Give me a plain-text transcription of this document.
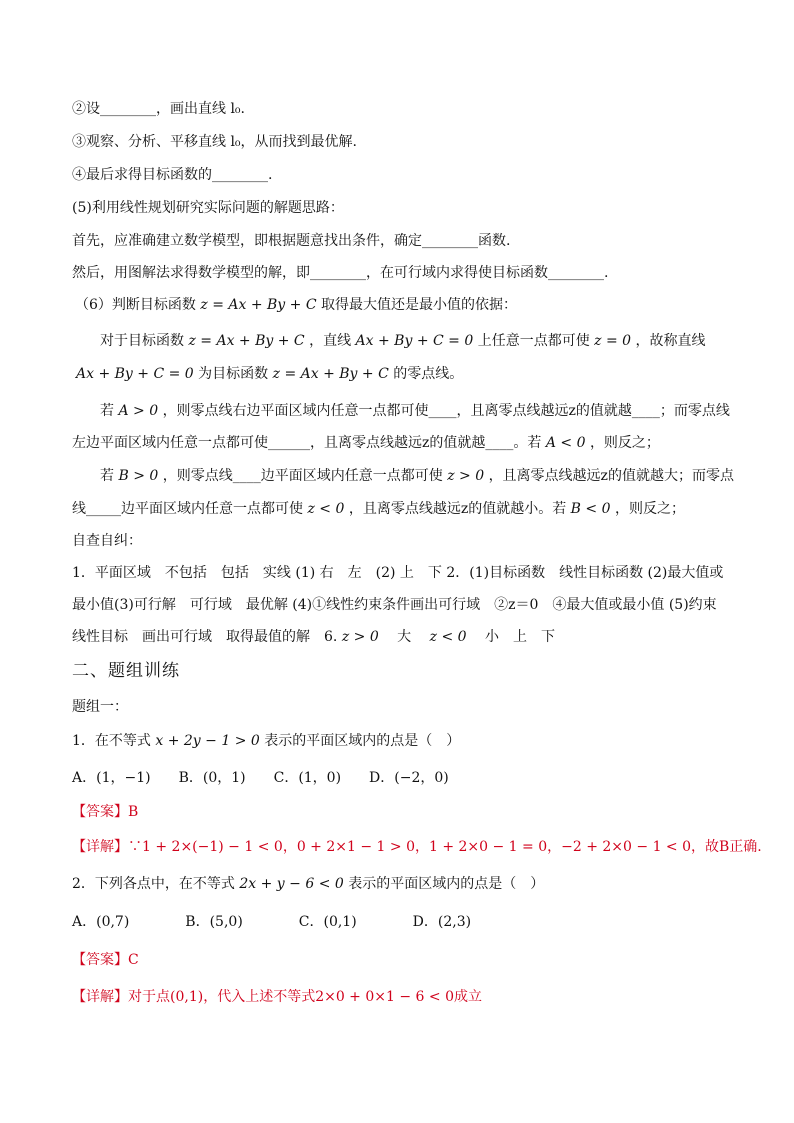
②设________，画出直线 l₀.
③观察、分析、平移直线 l₀，从而找到最优解.
④最后求得目标函数的________.
(5)利用线性规划研究实际问题的解题思路：
首先，应准确建立数学模型，即根据题意找出条件，确定________函数.
然后，用图解法求得数学模型的解，即________，在可行域内求得使目标函数________.
（6）判断目标函数 z = Ax + By + C 取得最大值还是最小值的依据：
对于目标函数 z = Ax + By + C ，直线 Ax + By + C = 0 上任意一点都可使 z = 0 ，故称直线
Ax + By + C = 0 为目标函数 z = Ax + By + C 的零点线。
若 A > 0 ，则零点线右边平面区域内任意一点都可使____，且离零点线越远z的值就越____；而零点线
左边平面区域内任意一点都可使______，且离零点线越远z的值就越____。若 A < 0 ，则反之；
若 B > 0 ，则零点线____边平面区域内任意一点都可使 z > 0 ，且离零点线越远z的值就越大；而零点
线_____边平面区域内任意一点都可使 z < 0 ，且离零点线越远z的值就越小。若 B < 0 ，则反之；
自查自纠：
1．平面区域　不包括　包括　实线 (1) 右　左　(2) 上　下 2．(1)目标函数　线性目标函数 (2)最大值或
最小值(3)可行解　可行域　最优解 (4)①线性约束条件画出可行域　②z＝0　④最大值或最小值 (5)约束
线性目标　画出可行域　取得最值的解　6. z > 0 　大　 z < 0 　小　上　下
二、题组训练
题组一：
1．在不等式 x + 2y − 1 > 0 表示的平面区域内的点是（　）
A．(1，−1)　　B．(0，1)　　C．(1，0)　　D．(−2，0)
【答案】B
【详解】∵1 + 2×(−1) − 1 < 0，0 + 2×1 − 1 > 0，1 + 2×0 − 1 = 0，−2 + 2×0 − 1 < 0，故B正确.
2．下列各点中，在不等式 2x + y − 6 < 0 表示的平面区域内的点是（　）
A．(0,7)　　　　B．(5,0)　　　　C．(0,1)　　　　D．(2,3)
【答案】C
【详解】对于点(0,1)，代入上述不等式2×0 + 0×1 − 6 < 0成立
